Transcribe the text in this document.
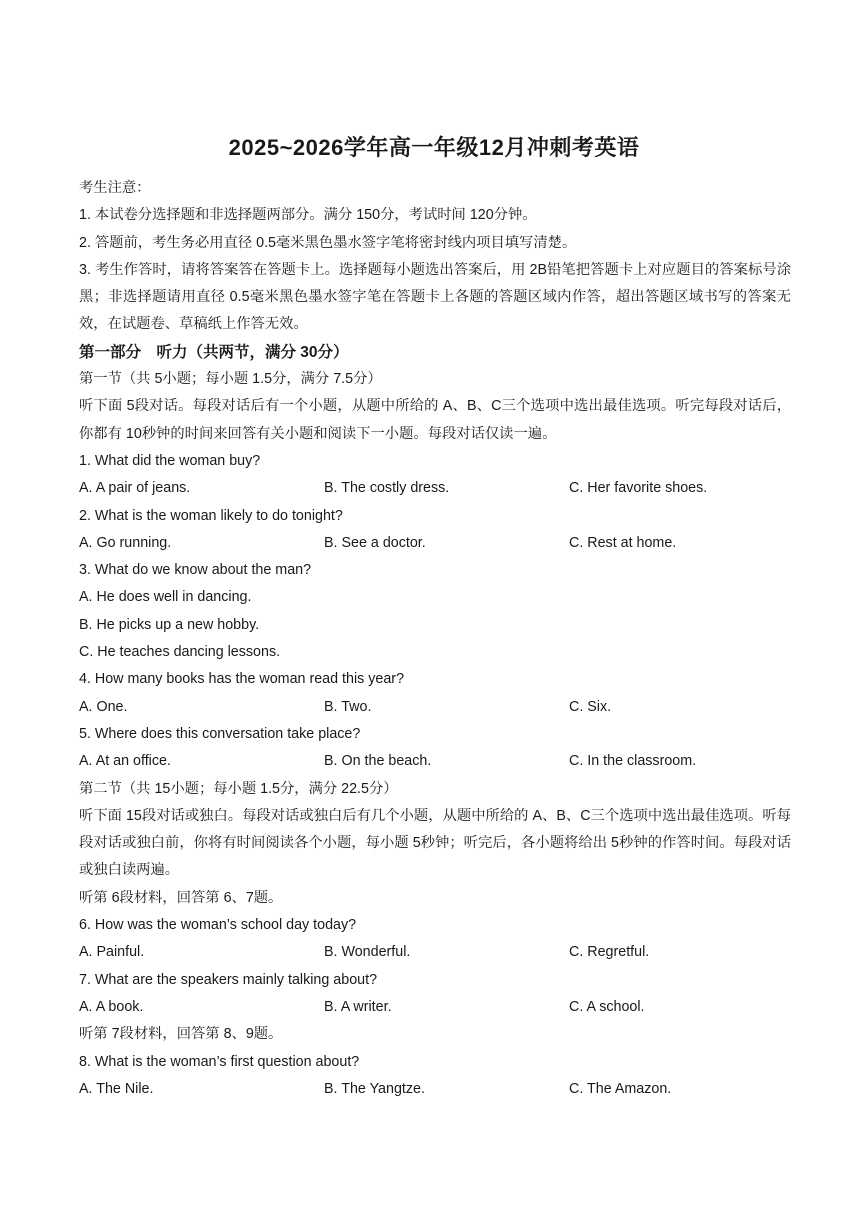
2025~2026学年高一年级12月冲刺考英语
考生注意：
1. 本试卷分选择题和非选择题两部分。满分 150分，考试时间 120分钟。
2. 答题前，考生务必用直径 0.5毫米黑色墨水签字笔将密封线内项目填写清楚。
3. 考生作答时，请将答案答在答题卡上。选择题每小题选出答案后，用 2B铅笔把答题卡上对应题目的答案标号涂黑；非选择题请用直径 0.5毫米黑色墨水签字笔在答题卡上各题的答题区域内作答，超出答题区域书写的答案无效，在试题卷、草稿纸上作答无效。
第一部分　听力（共两节，满分 30分）
第一节（共 5小题；每小题 1.5分，满分 7.5分）
听下面 5段对话。每段对话后有一个小题，从题中所给的 A、B、C三个选项中选出最佳选项。听完每段对话后，你都有 10秒钟的时间来回答有关小题和阅读下一小题。每段对话仅读一遍。
1. What did the woman buy?
A. A pair of jeans.	B. The costly dress.	C. Her favorite shoes.
2. What is the woman likely to do tonight?
A. Go running.	B. See a doctor.	C. Rest at home.
3. What do we know about the man?
A. He does well in dancing.
B. He picks up a new hobby.
C. He teaches dancing lessons.
4. How many books has the woman read this year?
A. One.	B. Two.	C. Six.
5. Where does this conversation take place?
A. At an office.	B. On the beach.	C. In the classroom.
第二节（共 15小题；每小题 1.5分，满分 22.5分）
听下面 15段对话或独白。每段对话或独白后有几个小题，从题中所给的 A、B、C三个选项中选出最佳选项。听每段对话或独白前，你将有时间阅读各个小题，每小题 5秒钟；听完后，各小题将给出 5秒钟的作答时间。每段对话或独白读两遍。
听第 6段材料，回答第 6、7题。
6. How was the woman’s school day today?
A. Painful.	B. Wonderful.	C. Regretful.
7. What are the speakers mainly talking about?
A. A book.	B. A writer.	C. A school.
听第 7段材料，回答第 8、9题。
8. What is the woman’s first question about?
A. The Nile.	B. The Yangtze.	C. The Amazon.
